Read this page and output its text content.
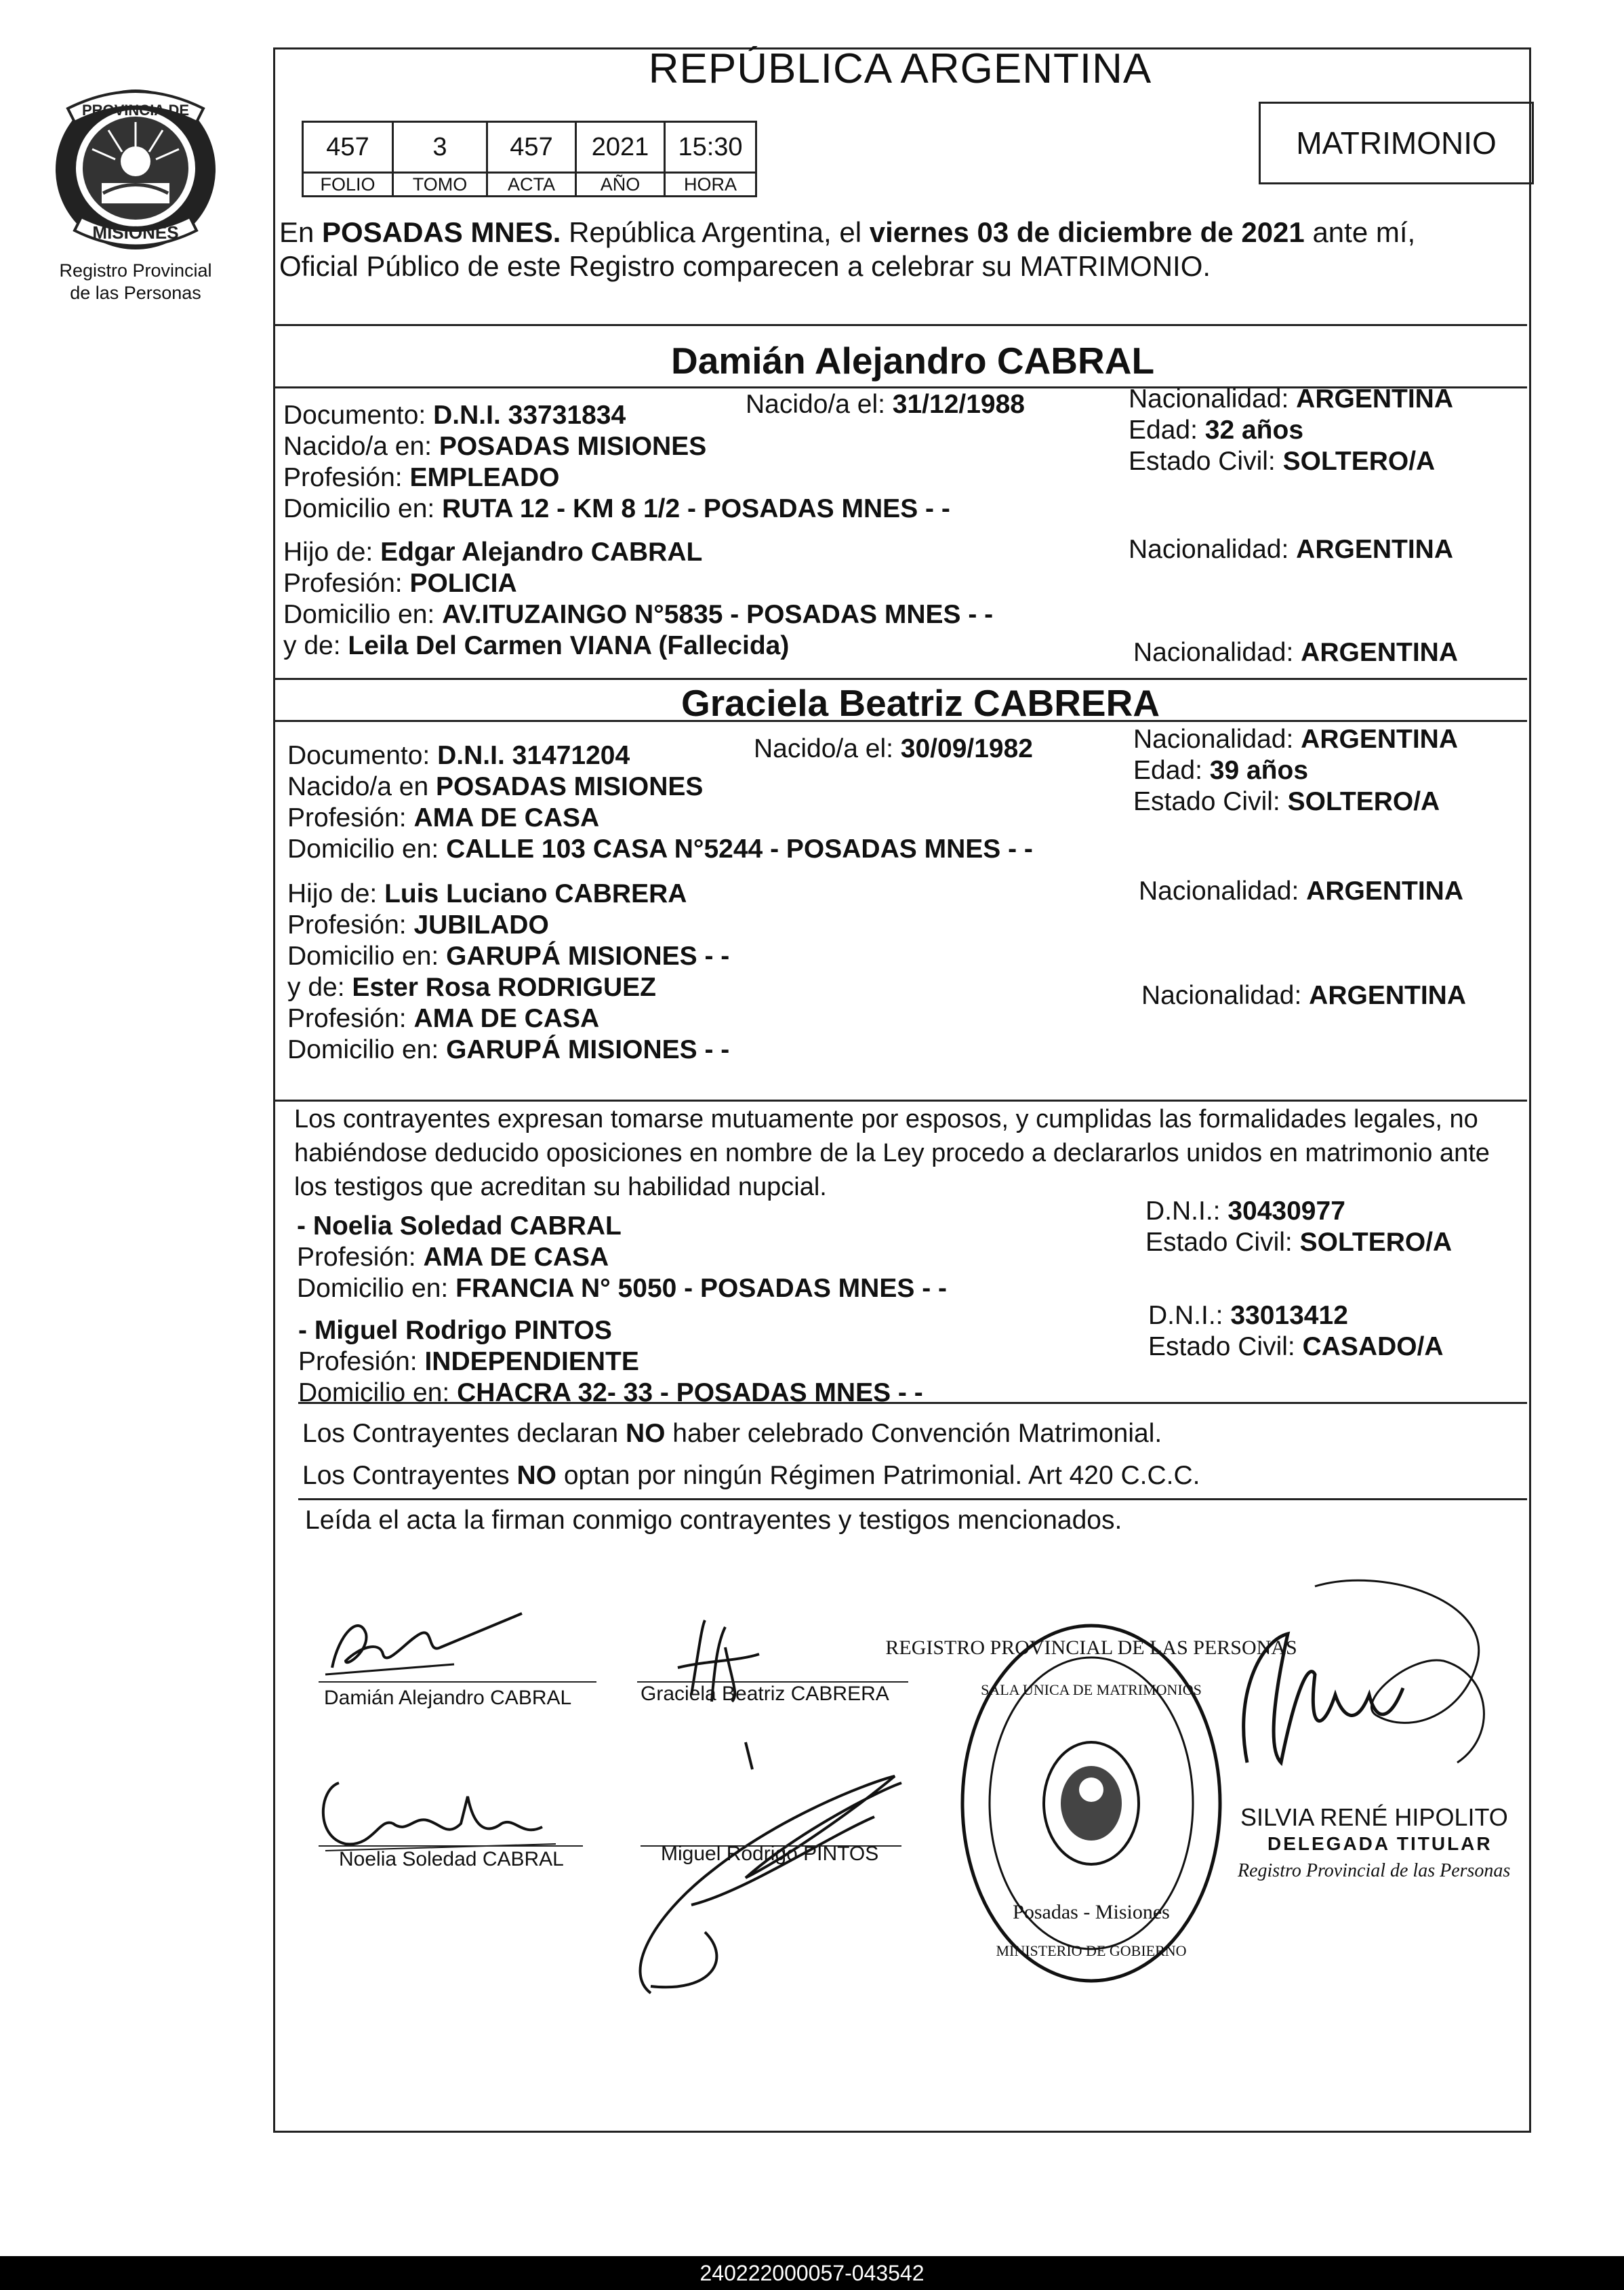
PROVINCIA DE
MISIONES
Registro Provincial
de las Personas
REPÚBLICA ARGENTINA
457	3	457	2021	15:30
FOLIO	TOMO	ACTA	AÑO	HORA
MATRIMONIO
En POSADAS MNES. República Argentina, el viernes 03 de diciembre de 2021 ante mí,
Oficial Público de este Registro comparecen a celebrar su MATRIMONIO.
Damián Alejandro CABRAL
Documento: D.N.I. 33731834
Nacido/a en: POSADAS MISIONES
Profesión: EMPLEADO
Domicilio en: RUTA 12 - KM 8 1/2 - POSADAS MNES - -
Hijo de: Edgar Alejandro CABRAL
Profesión: POLICIA
Domicilio en: AV.ITUZAINGO N°5835 - POSADAS MNES - -
y de: Leila Del Carmen VIANA (Fallecida)
Nacido/a el: 31/12/1988	Nacionalidad: ARGENTINA
Edad: 32 años
Estado Civil: SOLTERO/A
Nacionalidad: ARGENTINA
Nacionalidad: ARGENTINA
Graciela Beatriz CABRERA
Documento: D.N.I. 31471204
Nacido/a en POSADAS MISIONES
Profesión: AMA DE CASA
Domicilio en: CALLE 103 CASA N°5244 - POSADAS MNES - -
Hijo de: Luis Luciano CABRERA
Profesión: JUBILADO
Domicilio en: GARUPÁ MISIONES - -
y de: Ester Rosa RODRIGUEZ
Profesión: AMA DE CASA
Domicilio en: GARUPÁ MISIONES - -
Nacido/a el: 30/09/1982	Nacionalidad: ARGENTINA
Edad: 39 años
Estado Civil: SOLTERO/A
Nacionalidad: ARGENTINA
Nacionalidad: ARGENTINA
Los contrayentes expresan tomarse mutuamente por esposos, y cumplidas las formalidades legales, no
habiéndose deducido oposiciones en nombre de la Ley procedo a declararlos unidos en matrimonio ante
los testigos que acreditan su habilidad nupcial.
- Noelia Soledad CABRAL
Profesión: AMA DE CASA
Domicilio en: FRANCIA N° 5050 - POSADAS MNES - -
D.N.I.: 30430977
Estado Civil: SOLTERO/A
- Miguel Rodrigo PINTOS
Profesión: INDEPENDIENTE
Domicilio en: CHACRA 32- 33 - POSADAS MNES - -
D.N.I.: 33013412
Estado Civil: CASADO/A
Los Contrayentes declaran NO haber celebrado Convención Matrimonial.
Los Contrayentes NO optan por ningún Régimen Patrimonial. Art 420 C.C.C.
Leída el acta la firman conmigo contrayentes y testigos mencionados.
Damián Alejandro CABRAL	Graciela Beatriz CABRERA
Noelia Soledad CABRAL	Miguel Rodrigo PINTOS
REGISTRO PROVINCIAL DE LAS PERSONAS
SALA UNICA DE MATRIMONIOS
Posadas - Misiones
MINISTERIO DE GOBIERNO
SILVIA RENÉ HIPOLITO
DELEGADA TITULAR
Registro Provincial de las Personas
240222000057-043542
